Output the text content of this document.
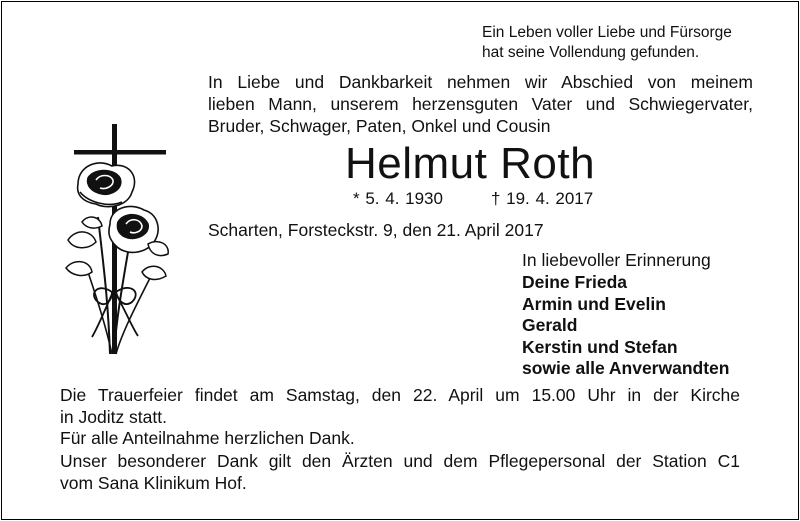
Ein Leben voller Liebe und Fürsorge
hat seine Vollendung gefunden.
In Liebe und Dankbarkeit nehmen wir Abschied von meinem
lieben Mann, unserem herzensguten Vater und Schwiegervater,
Bruder, Schwager, Paten, Onkel und Cousin
Helmut Roth
* 5. 4. 1930	† 19. 4. 2017
Scharten, Forsteckstr. 9, den 21. April 2017
In liebevoller Erinnerung
Deine Frieda
Armin und Evelin
Gerald
Kerstin und Stefan
sowie alle Anverwandten
Die Trauerfeier findet am Samstag, den 22. April um 15.00 Uhr in der Kirche
in Joditz statt.
Für alle Anteilnahme herzlichen Dank.
Unser besonderer Dank gilt den Ärzten und dem Pflegepersonal der Station C1
vom Sana Klinikum Hof.
